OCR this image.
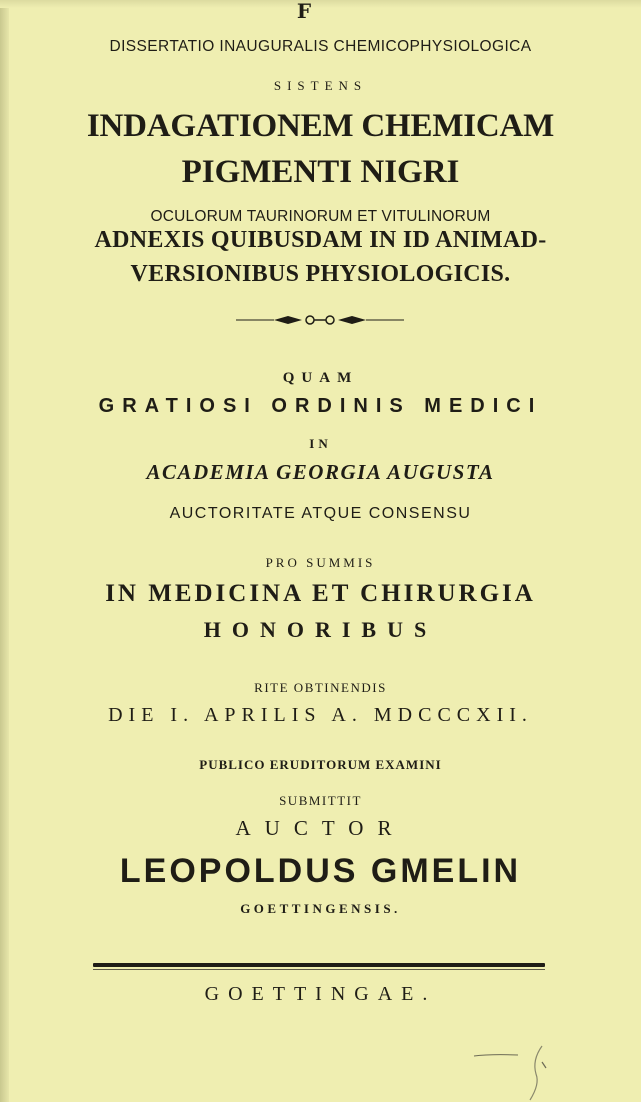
F
DISSERTATIO INAUGURALIS CHEMICOPHYSIOLOGICA
SISTENS
INDAGATIONEM CHEMICAM
PIGMENTI NIGRI
OCULORUM TAURINORUM ET VITULINORUM
ADNEXIS QUIBUSDAM IN ID ANIMAD-
VERSIONIBUS PHYSIOLOGICIS.
QUAM
GRATIOSI ORDINIS MEDICI
IN
ACADEMIA GEORGIA AUGUSTA
AUCTORITATE ATQUE CONSENSU
PRO SUMMIS
IN MEDICINA ET CHIRURGIA
HONORIBUS
RITE OBTINENDIS
DIE I. APRILIS A. MDCCCXII.
PUBLICO ERUDITORUM EXAMINI
SUBMITTIT
AUCTOR
LEOPOLDUS GMELIN
GOETTINGENSIS.
GOETTINGAE.
